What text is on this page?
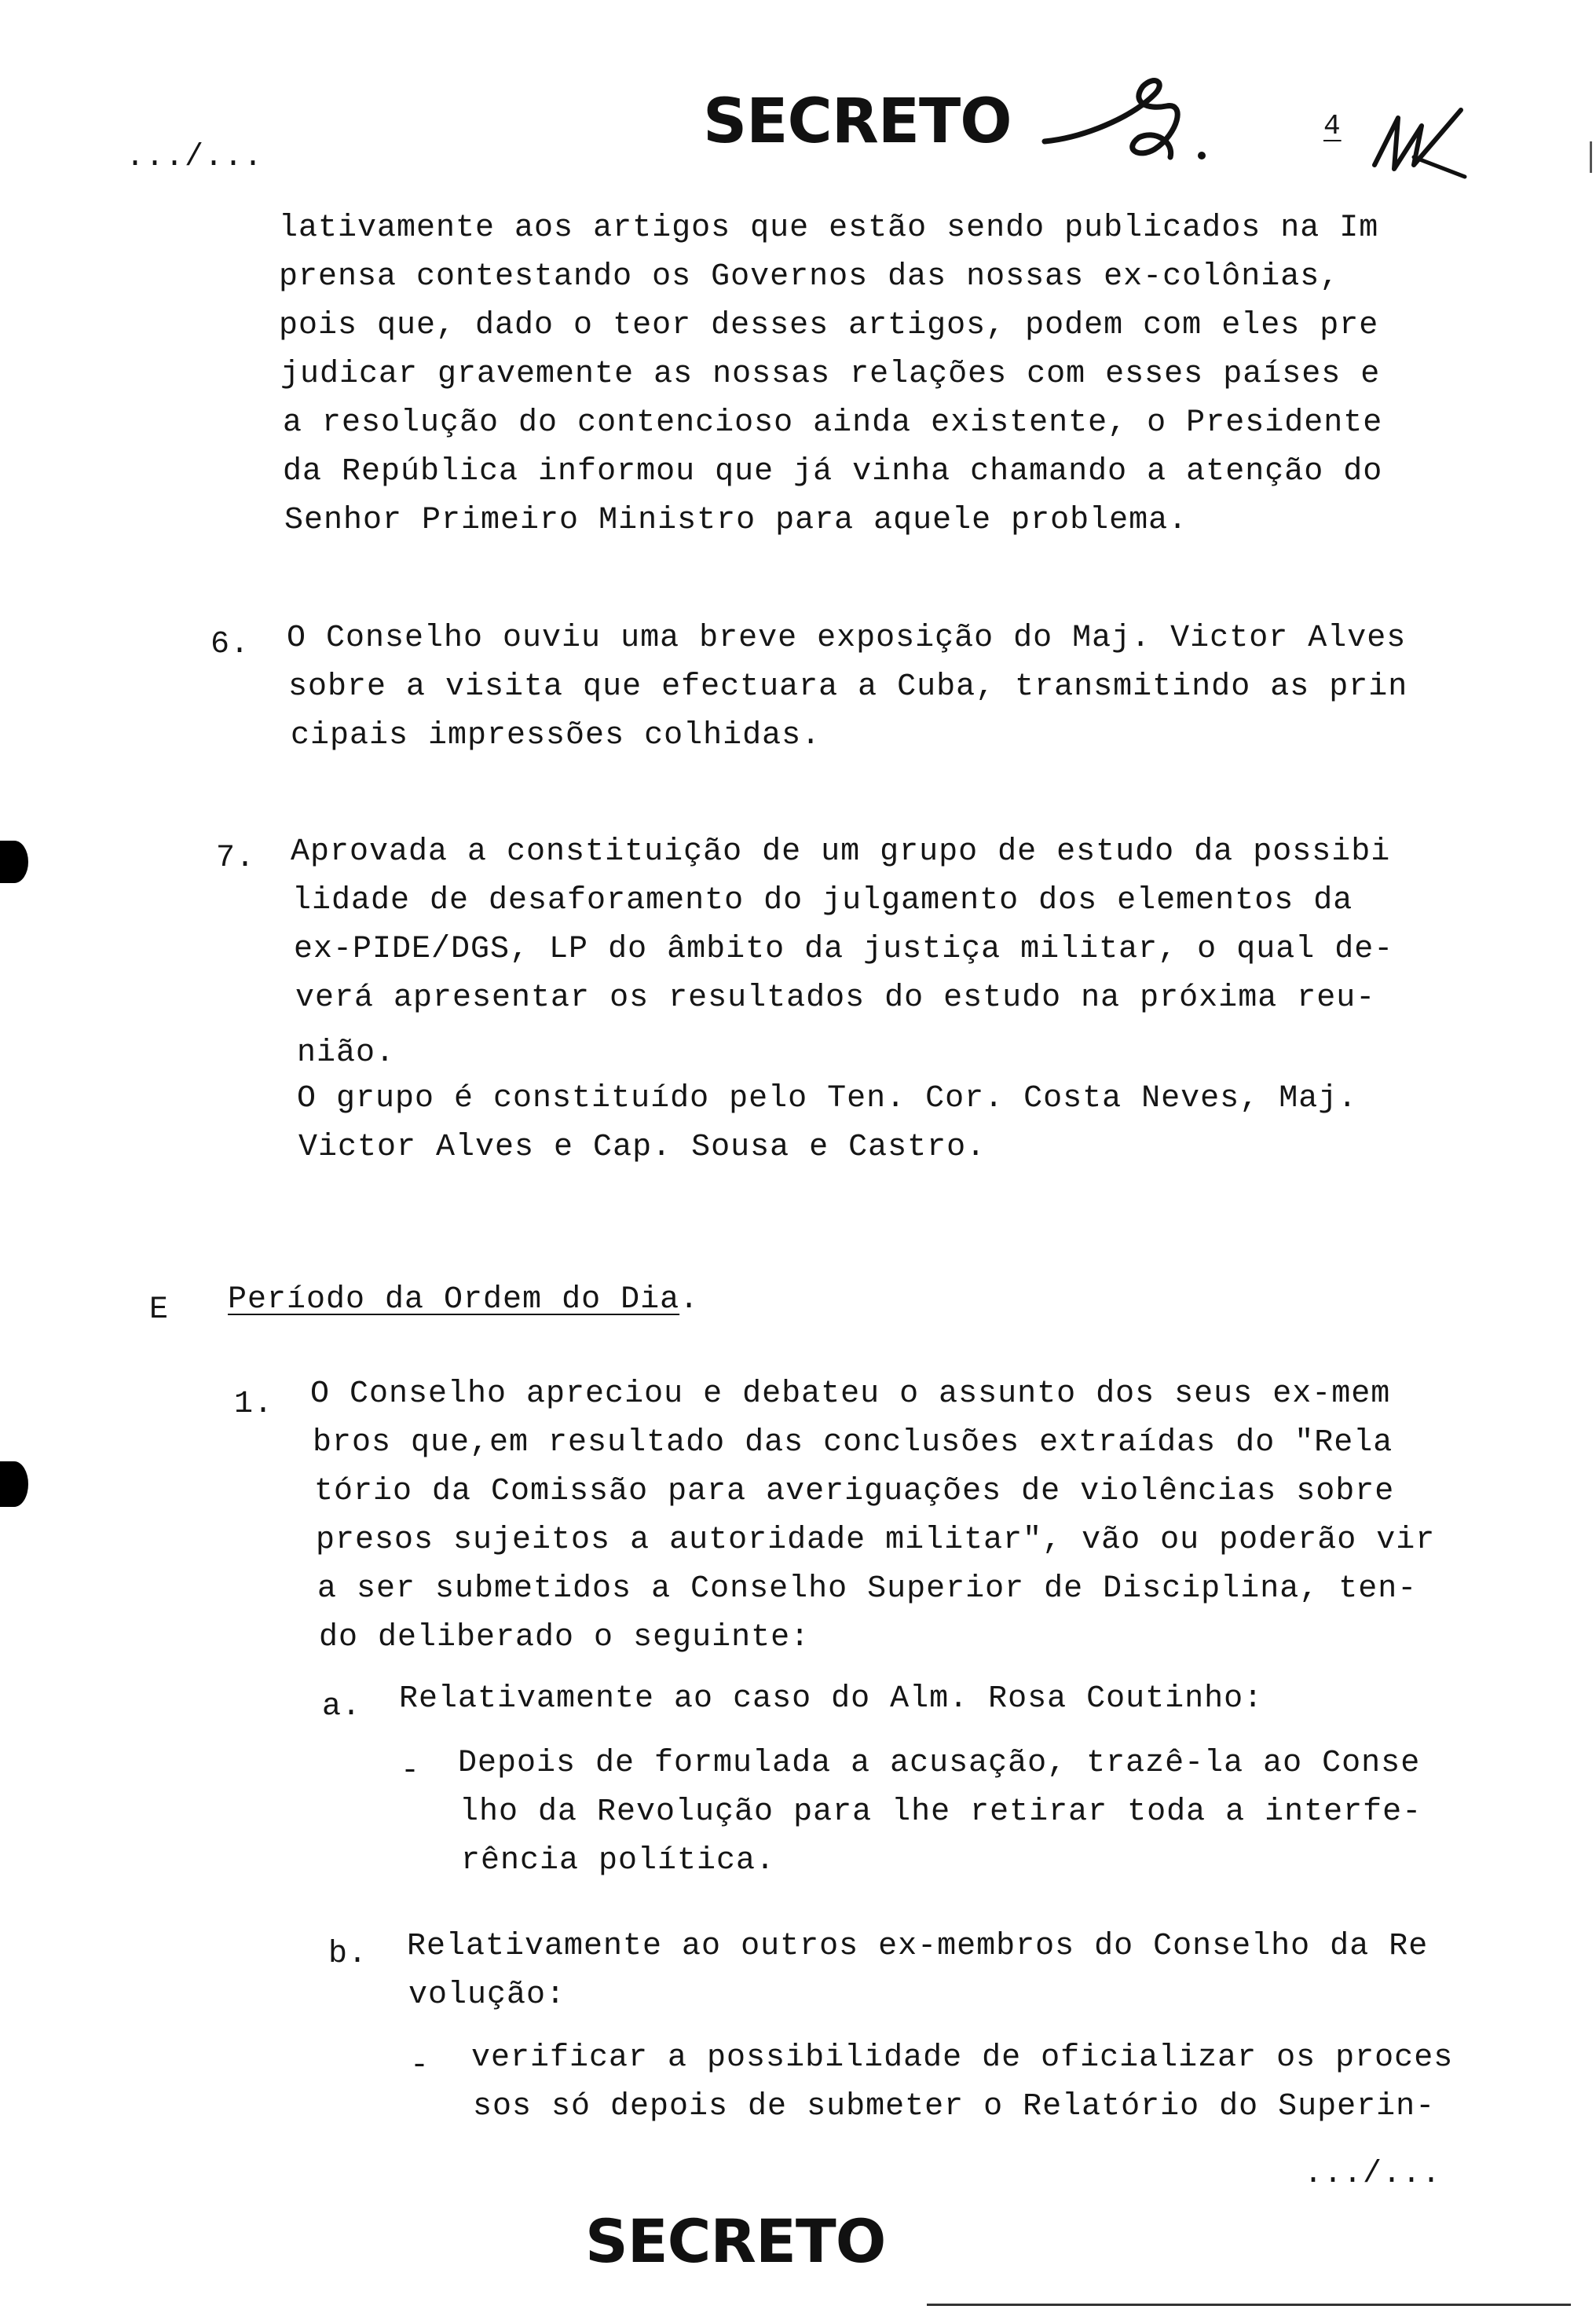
.../...
SECRETO	4
lativamente aos artigos que estão sendo publicados na Im
prensa contestando os Governos das nossas ex-colônias,
pois que, dado o teor desses artigos, podem com eles pre
judicar gravemente as nossas relações com esses países e
a resolução do contencioso ainda existente, o Presidente
da República informou que já vinha chamando a atenção do
Senhor Primeiro Ministro para aquele problema.
6. O Conselho ouviu uma breve exposição do Maj. Victor Alves
sobre a visita que efectuara a Cuba, transmitindo as prin
cipais impressões colhidas.
7. Aprovada a constituição de um grupo de estudo da possibi
lidade de desaforamento do julgamento dos elementos da
ex-PIDE/DGS, LP do âmbito da justiça militar, o qual de-
verá apresentar os resultados do estudo na próxima reu-
nião.
O grupo é constituído pelo Ten. Cor. Costa Neves, Maj.
Victor Alves e Cap. Sousa e Castro.
E Período da Ordem do Dia.
1. O Conselho apreciou e debateu o assunto dos seus ex-mem
bros que,em resultado das conclusões extraídas do "Rela
tório da Comissão para averiguações de violências sobre
presos sujeitos a autoridade militar", vão ou poderão vir
a ser submetidos a Conselho Superior de Disciplina, ten-
do deliberado o seguinte:
a. Relativamente ao caso do Alm. Rosa Coutinho:
- Depois de formulada a acusação, trazê-la ao Conse
lho da Revolução para lhe retirar toda a interfe-
rência política.
b. Relativamente ao outros ex-membros do Conselho da Re
volução:
- verificar a possibilidade de oficializar os proces
sos só depois de submeter o Relatório do Superin-
.../...
SECRETO
